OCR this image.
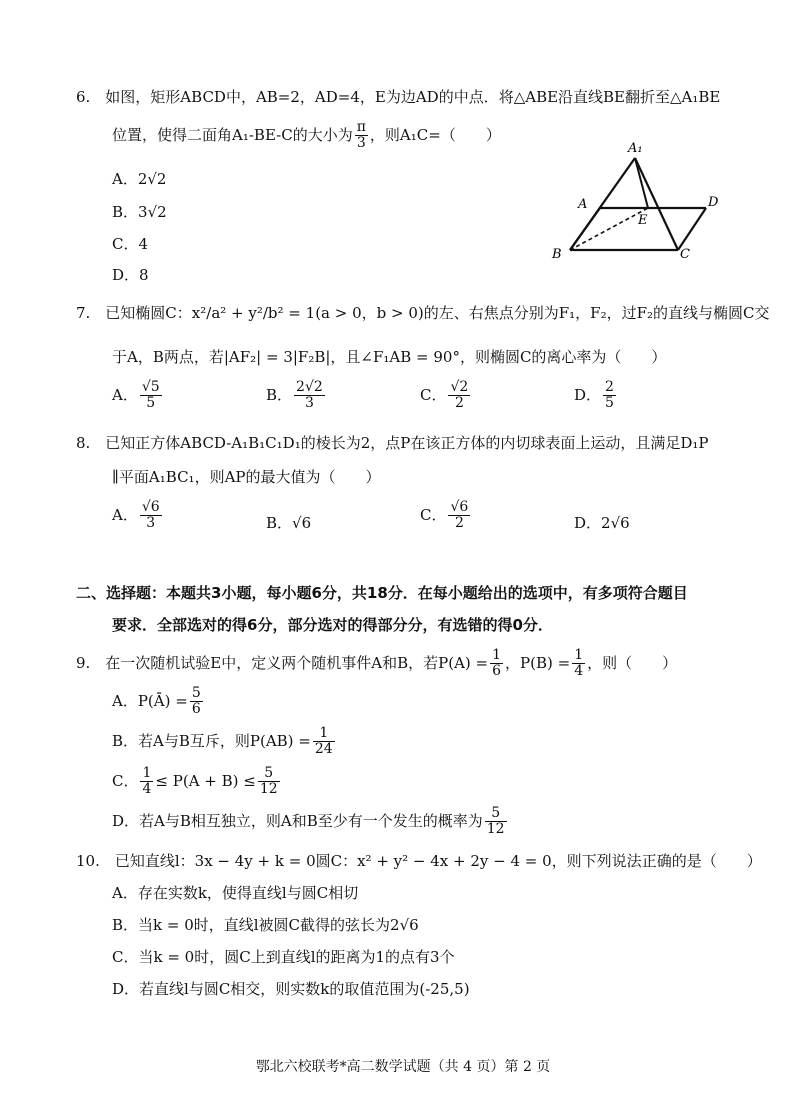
6.　如图，矩形ABCD中，AB=2，AD=4，E为边AD的中点．将△ABE沿直线BE翻折至△A₁BE
位置，使得二面角A₁-BE-C的大小为 $\frac{\pi}{3}$ ，则A₁C=（　　）
A．2√2
B．3√2
C．4
D．8
A₁
A
E
D
B	C
7.　已知椭圆C：x²/a² + y²/b² = 1(a > 0，b > 0)的左、右焦点分别为F₁，F₂，过F₂的直线与椭圆C交
于A，B两点，若|AF₂| = 3|F₂B|，且∠F₁AB = 90°，则椭圆C的离心率为（　　）
A． $\frac{√5}{5}$	B． $\frac{2√2}{3}$	C． $\frac{√2}{2}$	D． $\frac{2}{5}$
8.　已知正方体ABCD-A₁B₁C₁D₁的棱长为2，点P在该正方体的内切球表面上运动，且满足D₁P
∥平面A₁BC₁，则AP的最大值为（　　）
A． $\frac{√6}{3}$	B．√6	C． $\frac{√6}{2}$	D．2√6
二、选择题：本题共3小题，每小题6分，共18分．在每小题给出的选项中，有多项符合题目
要求．全部选对的得6分，部分选对的得部分分，有选错的得0分．
9.　在一次随机试验E中，定义两个随机事件A和B，若$P(A) = \frac{1}{6}$ ，$P(B) = \frac{1}{4}$ ，则（　　）
A．P(Ā) = $\frac{5}{6}$
B．若A与B互斥，则$P(AB) = \frac{1}{24}$
C． $\frac{1}{4} \le P(A + B) \le \frac{5}{12}$
D．若A与B相互独立，则A和B至少有一个发生的概率为 $\frac{5}{12}$
10.　已知直线l：3x − 4y + k = 0圆C：x² + y² − 4x + 2y − 4 = 0，则下列说法正确的是（　　）
A．存在实数k，使得直线l与圆C相切
B．当k = 0时，直线l被圆C截得的弦长为2√6
C．当k = 0时，圆C上到直线l的距离为1的点有3个
D．若直线l与圆C相交，则实数k的取值范围为(-25,5)
鄂北六校联考*高二数学试题（共 4 页）第 2 页
